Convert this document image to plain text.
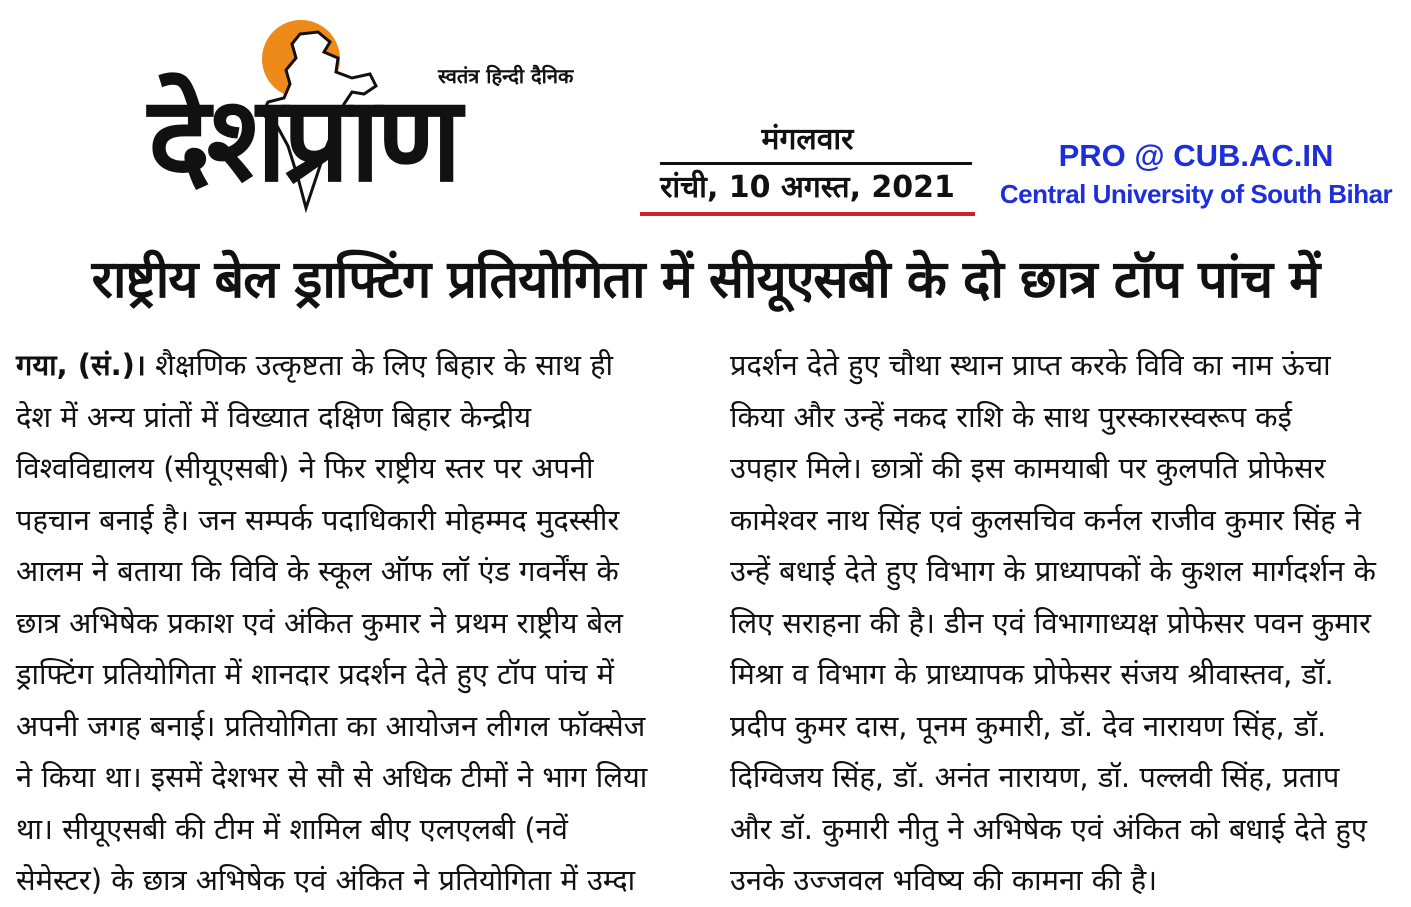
देशप्राण
स्वतंत्र हिन्दी दैनिक
मंगलवार
रांची, 10 अगस्त, 2021
PRO @ CUB.AC.IN
Central University of South Bihar
राष्ट्रीय बेल ड्राफ्टिंग प्रतियोगिता में सीयूएसबी के दो छात्र टॉप पांच में
गया, (सं.)। शैक्षणिक उत्कृष्टता के लिए बिहार के साथ ही
देश में अन्य प्रांतों में विख्यात दक्षिण बिहार केन्द्रीय
विश्वविद्यालय (सीयूएसबी) ने फिर राष्ट्रीय स्तर पर अपनी
पहचान बनाई है। जन सम्पर्क पदाधिकारी मोहम्मद मुदस्सीर
आलम ने बताया कि विवि के स्कूल ऑफ लॉ एंड गवर्नेंस के
छात्र अभिषेक प्रकाश एवं अंकित कुमार ने प्रथम राष्ट्रीय बेल
ड्राफ्टिंग प्रतियोगिता में शानदार प्रदर्शन देते हुए टॉप पांच में
अपनी जगह बनाई। प्रतियोगिता का आयोजन लीगल फॉक्सेज
ने किया था। इसमें देशभर से सौ से अधिक टीमों ने भाग लिया
था। सीयूएसबी की टीम में शामिल बीए एलएलबी (नवें
सेमेस्टर) के छात्र अभिषेक एवं अंकित ने प्रतियोगिता में उम्दा
प्रदर्शन देते हुए चौथा स्थान प्राप्त करके विवि का नाम ऊंचा
किया और उन्हें नकद राशि के साथ पुरस्कारस्वरूप कई
उपहार मिले। छात्रों की इस कामयाबी पर कुलपति प्रोफेसर
कामेश्वर नाथ सिंह एवं कुलसचिव कर्नल राजीव कुमार सिंह ने
उन्हें बधाई देते हुए विभाग के प्राध्यापकों के कुशल मार्गदर्शन के
लिए सराहना की है। डीन एवं विभागाध्यक्ष प्रोफेसर पवन कुमार
मिश्रा व विभाग के प्राध्यापक प्रोफेसर संजय श्रीवास्तव, डॉ.
प्रदीप कुमर दास, पूनम कुमारी, डॉ. देव नारायण सिंह, डॉ.
दिग्विजय सिंह, डॉ. अनंत नारायण, डॉ. पल्लवी सिंह, प्रताप
और डॉ. कुमारी नीतु ने अभिषेक एवं अंकित को बधाई देते हुए
उनके उज्जवल भविष्य की कामना की है।
